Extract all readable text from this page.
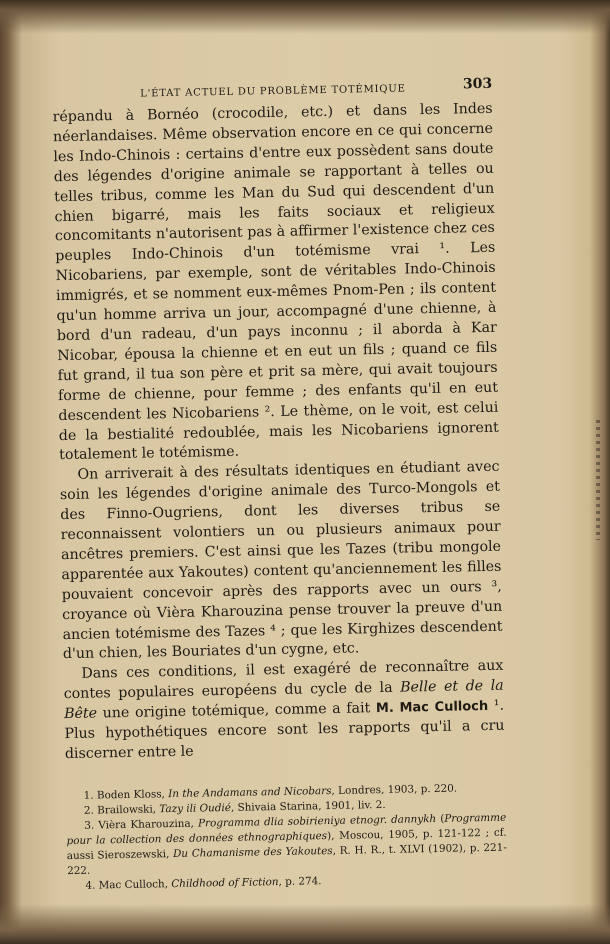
L'ÉTAT ACTUEL DU PROBLÈME TOTÉMIQUE	303

répandu à Bornéo (crocodile, etc.) et dans les Indes néerlandaises. Même observation encore en ce qui concerne les Indo-Chinois : certains d'entre eux possèdent sans doute des légendes d'origine animale se rapportant à telles ou telles tribus, comme les Man du Sud qui descendent d'un chien bigarré, mais les faits sociaux et religieux concomitants n'autorisent pas à affirmer l'existence chez ces peuples Indo-Chinois d'un totémisme vrai ¹. Les Nicobariens, par exemple, sont de véritables Indo-Chinois immigrés, et se nomment eux-mêmes Pnom-Pen ; ils content qu'un homme arriva un jour, accompagné d'une chienne, à bord d'un radeau, d'un pays inconnu ; il aborda à Kar Nicobar, épousa la chienne et en eut un fils ; quand ce fils fut grand, il tua son père et prit sa mère, qui avait toujours forme de chienne, pour femme ; des enfants qu'il en eut descendent les Nicobariens ². Le thème, on le voit, est celui de la bestialité redoublée, mais les Nicobariens ignorent totalement le totémisme.

On arriverait à des résultats identiques en étudiant avec soin les légendes d'origine animale des Turco-Mongols et des Finno-Ougriens, dont les diverses tribus se reconnaissent volontiers un ou plusieurs animaux pour ancêtres premiers. C'est ainsi que les Tazes (tribu mongole apparentée aux Yakoutes) content qu'anciennement les filles pouvaient concevoir après des rapports avec un ours ³, croyance où Vièra Kharouzina pense trouver la preuve d'un ancien totémisme des Tazes ⁴ ; que les Kirghizes descendent d'un chien, les Bouriates d'un cygne, etc.

Dans ces conditions, il est exagéré de reconnaître aux contes populaires européens du cycle de la Belle et de la Bête une origine totémique, comme a fait M. Mac Culloch ¹. Plus hypothétiques encore sont les rapports qu'il a cru discerner entre le

1. Boden Kloss, In the Andamans and Nicobars, Londres, 1903, p. 220.

2. Brailowski, Tazy ili Oudié, Shivaia Starina, 1901, liv. 2.

3. Vièra Kharouzina, Programma dlia sobirieniya etnogr. dannykh (Programme pour la collection des données ethnographiques), Moscou, 1905, p. 121-122 ; cf. aussi Sieroszewski, Du Chamanisme des Yakoutes, R. H. R., t. XLVI (1902), p. 221-222.

4. Mac Culloch, Childhood of Fiction, p. 274.
